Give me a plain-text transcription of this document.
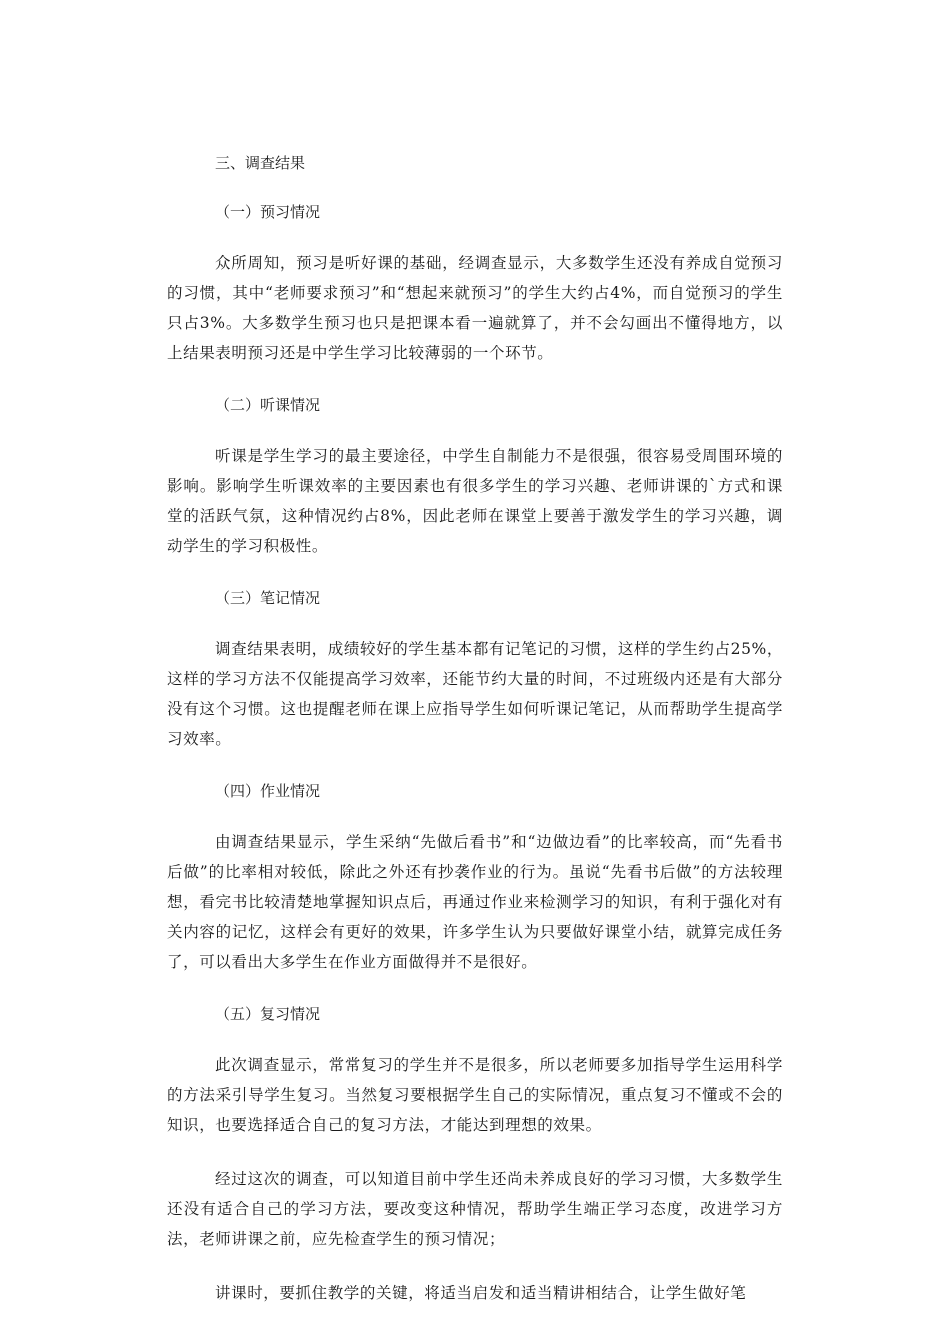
三、调查结果
（一）预习情况

众所周知，预习是听好课的基础，经调查显示，大多数学生还没有养成自觉预习的习惯，其中“老师要求预习”和“想起来就预习”的学生大约占4%，而自觉预习的学生只占3%。大多数学生预习也只是把课本看一遍就算了，并不会勾画出不懂得地方，以上结果表明预习还是中学生学习比较薄弱的一个环节。

（二）听课情况

听课是学生学习的最主要途径，中学生自制能力不是很强，很容易受周围环境的影响。影响学生听课效率的主要因素也有很多学生的学习兴趣、老师讲课的`方式和课堂的活跃气氛，这种情况约占8%，因此老师在课堂上要善于激发学生的学习兴趣，调动学生的学习积极性。

（三）笔记情况

调查结果表明，成绩较好的学生基本都有记笔记的习惯，这样的学生约占25%，这样的学习方法不仅能提高学习效率，还能节约大量的时间，不过班级内还是有大部分没有这个习惯。这也提醒老师在课上应指导学生如何听课记笔记，从而帮助学生提高学习效率。

（四）作业情况

由调查结果显示，学生采纳“先做后看书”和“边做边看”的比率较高，而“先看书后做”的比率相对较低，除此之外还有抄袭作业的行为。虽说“先看书后做”的方法较理想，看完书比较清楚地掌握知识点后，再通过作业来检测学习的知识，有利于强化对有关内容的记忆，这样会有更好的效果，许多学生认为只要做好课堂小结，就算完成任务了，可以看出大多学生在作业方面做得并不是很好。

（五）复习情况

此次调查显示，常常复习的学生并不是很多，所以老师要多加指导学生运用科学的方法采引导学生复习。当然复习要根据学生自己的实际情况，重点复习不懂或不会的知识，也要选择适合自己的复习方法，才能达到理想的效果。

经过这次的调查，可以知道目前中学生还尚未养成良好的学习习惯，大多数学生还没有适合自己的学习方法，要改变这种情况，帮助学生端正学习态度，改进学习方法，老师讲课之前，应先检查学生的预习情况；

讲课时，要抓住教学的关键，将适当启发和适当精讲相结合，让学生做好笔
